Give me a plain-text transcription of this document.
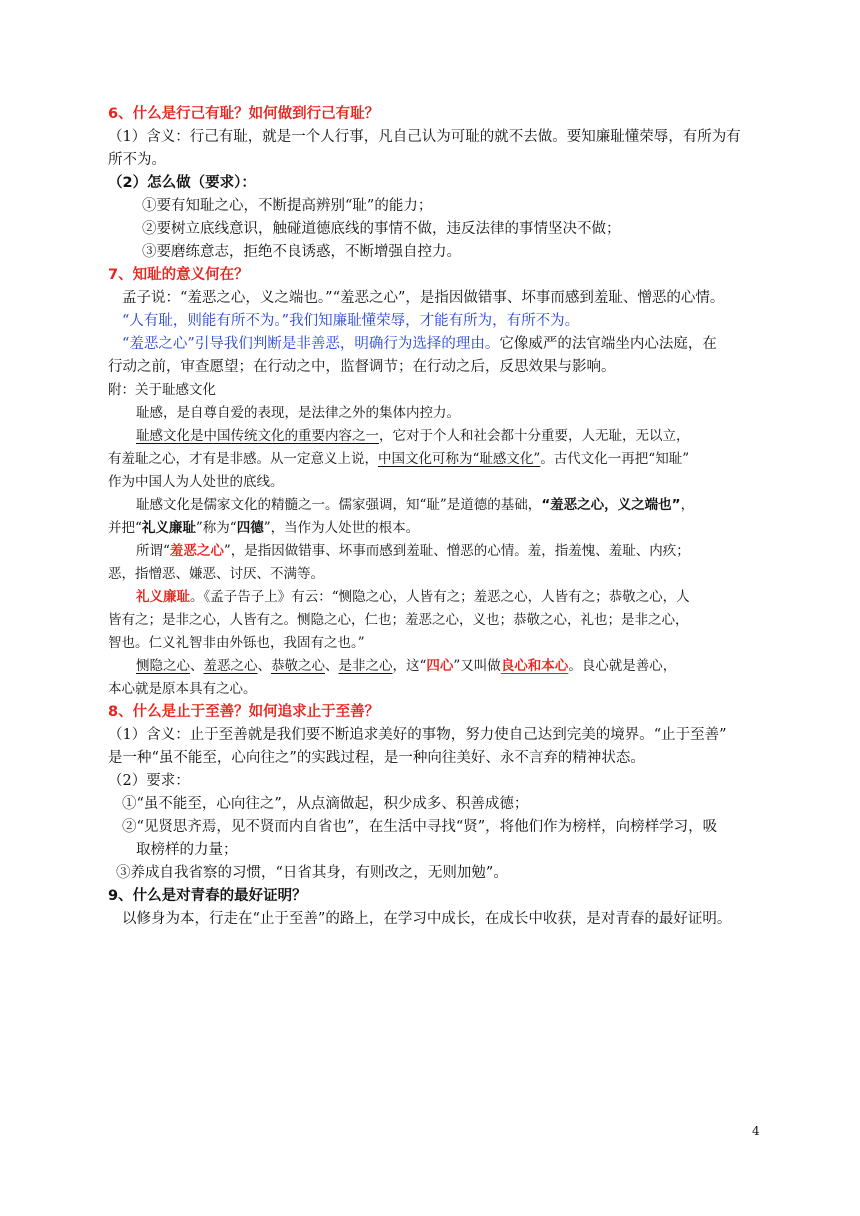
6、什么是行己有耻？如何做到行己有耻？
（1）含义：行己有耻，就是一个人行事，凡自己认为可耻的就不去做。要知廉耻懂荣辱，有所为有
所不为。
（2）怎么做（要求）：
①要有知耻之心，不断提高辨别“耻”的能力；
②要树立底线意识，触碰道德底线的事情不做，违反法律的事情坚决不做；
③要磨练意志，拒绝不良诱惑，不断增强自控力。
7、知耻的意义何在？
孟子说：“羞恶之心，义之端也。”“羞恶之心”，是指因做错事、坏事而感到羞耻、憎恶的心情。
“人有耻，则能有所不为。”我们知廉耻懂荣辱，才能有所为，有所不为。
“羞恶之心”引导我们判断是非善恶，明确行为选择的理由。它像威严的法官端坐内心法庭，在
行动之前，审查愿望；在行动之中，监督调节；在行动之后，反思效果与影响。
附：关于耻感文化
耻感，是自尊自爱的表现，是法律之外的集体内控力。
耻感文化是中国传统文化的重要内容之一，它对于个人和社会都十分重要，人无耻，无以立，
有羞耻之心，才有是非感。从一定意义上说，中国文化可称为“耻感文化”。古代文化一再把“知耻”
作为中国人为人处世的底线。
耻感文化是儒家文化的精髓之一。儒家强调，知“耻”是道德的基础，“羞恶之心，义之端也”，
并把“礼义廉耻”称为“四德”，当作为人处世的根本。
所谓“羞恶之心”，是指因做错事、坏事而感到羞耻、憎恶的心情。羞，指羞愧、羞耻、内疚；
恶，指憎恶、嫌恶、讨厌、不满等。
礼义廉耻。《孟子告子上》有云：“恻隐之心，人皆有之；羞恶之心，人皆有之；恭敬之心，人
皆有之；是非之心，人皆有之。恻隐之心，仁也；羞恶之心，义也；恭敬之心，礼也；是非之心，
智也。仁义礼智非由外铄也，我固有之也。”
恻隐之心、羞恶之心、恭敬之心、是非之心，这“四心”又叫做良心和本心。良心就是善心，
本心就是原本具有之心。
8、什么是止于至善？如何追求止于至善？
（1）含义：止于至善就是我们要不断追求美好的事物，努力使自己达到完美的境界。“止于至善”
是一种“虽不能至，心向往之”的实践过程，是一种向往美好、永不言弃的精神状态。
（2）要求：
①“虽不能至，心向往之”，从点滴做起，积少成多、积善成德；
②“见贤思齐焉，见不贤而内自省也”，在生活中寻找“贤”，将他们作为榜样，向榜样学习，吸
取榜样的力量；
③养成自我省察的习惯，“日省其身，有则改之，无则加勉”。
9、什么是对青春的最好证明？
以修身为本，行走在“止于至善”的路上，在学习中成长，在成长中收获，是对青春的最好证明。
4
